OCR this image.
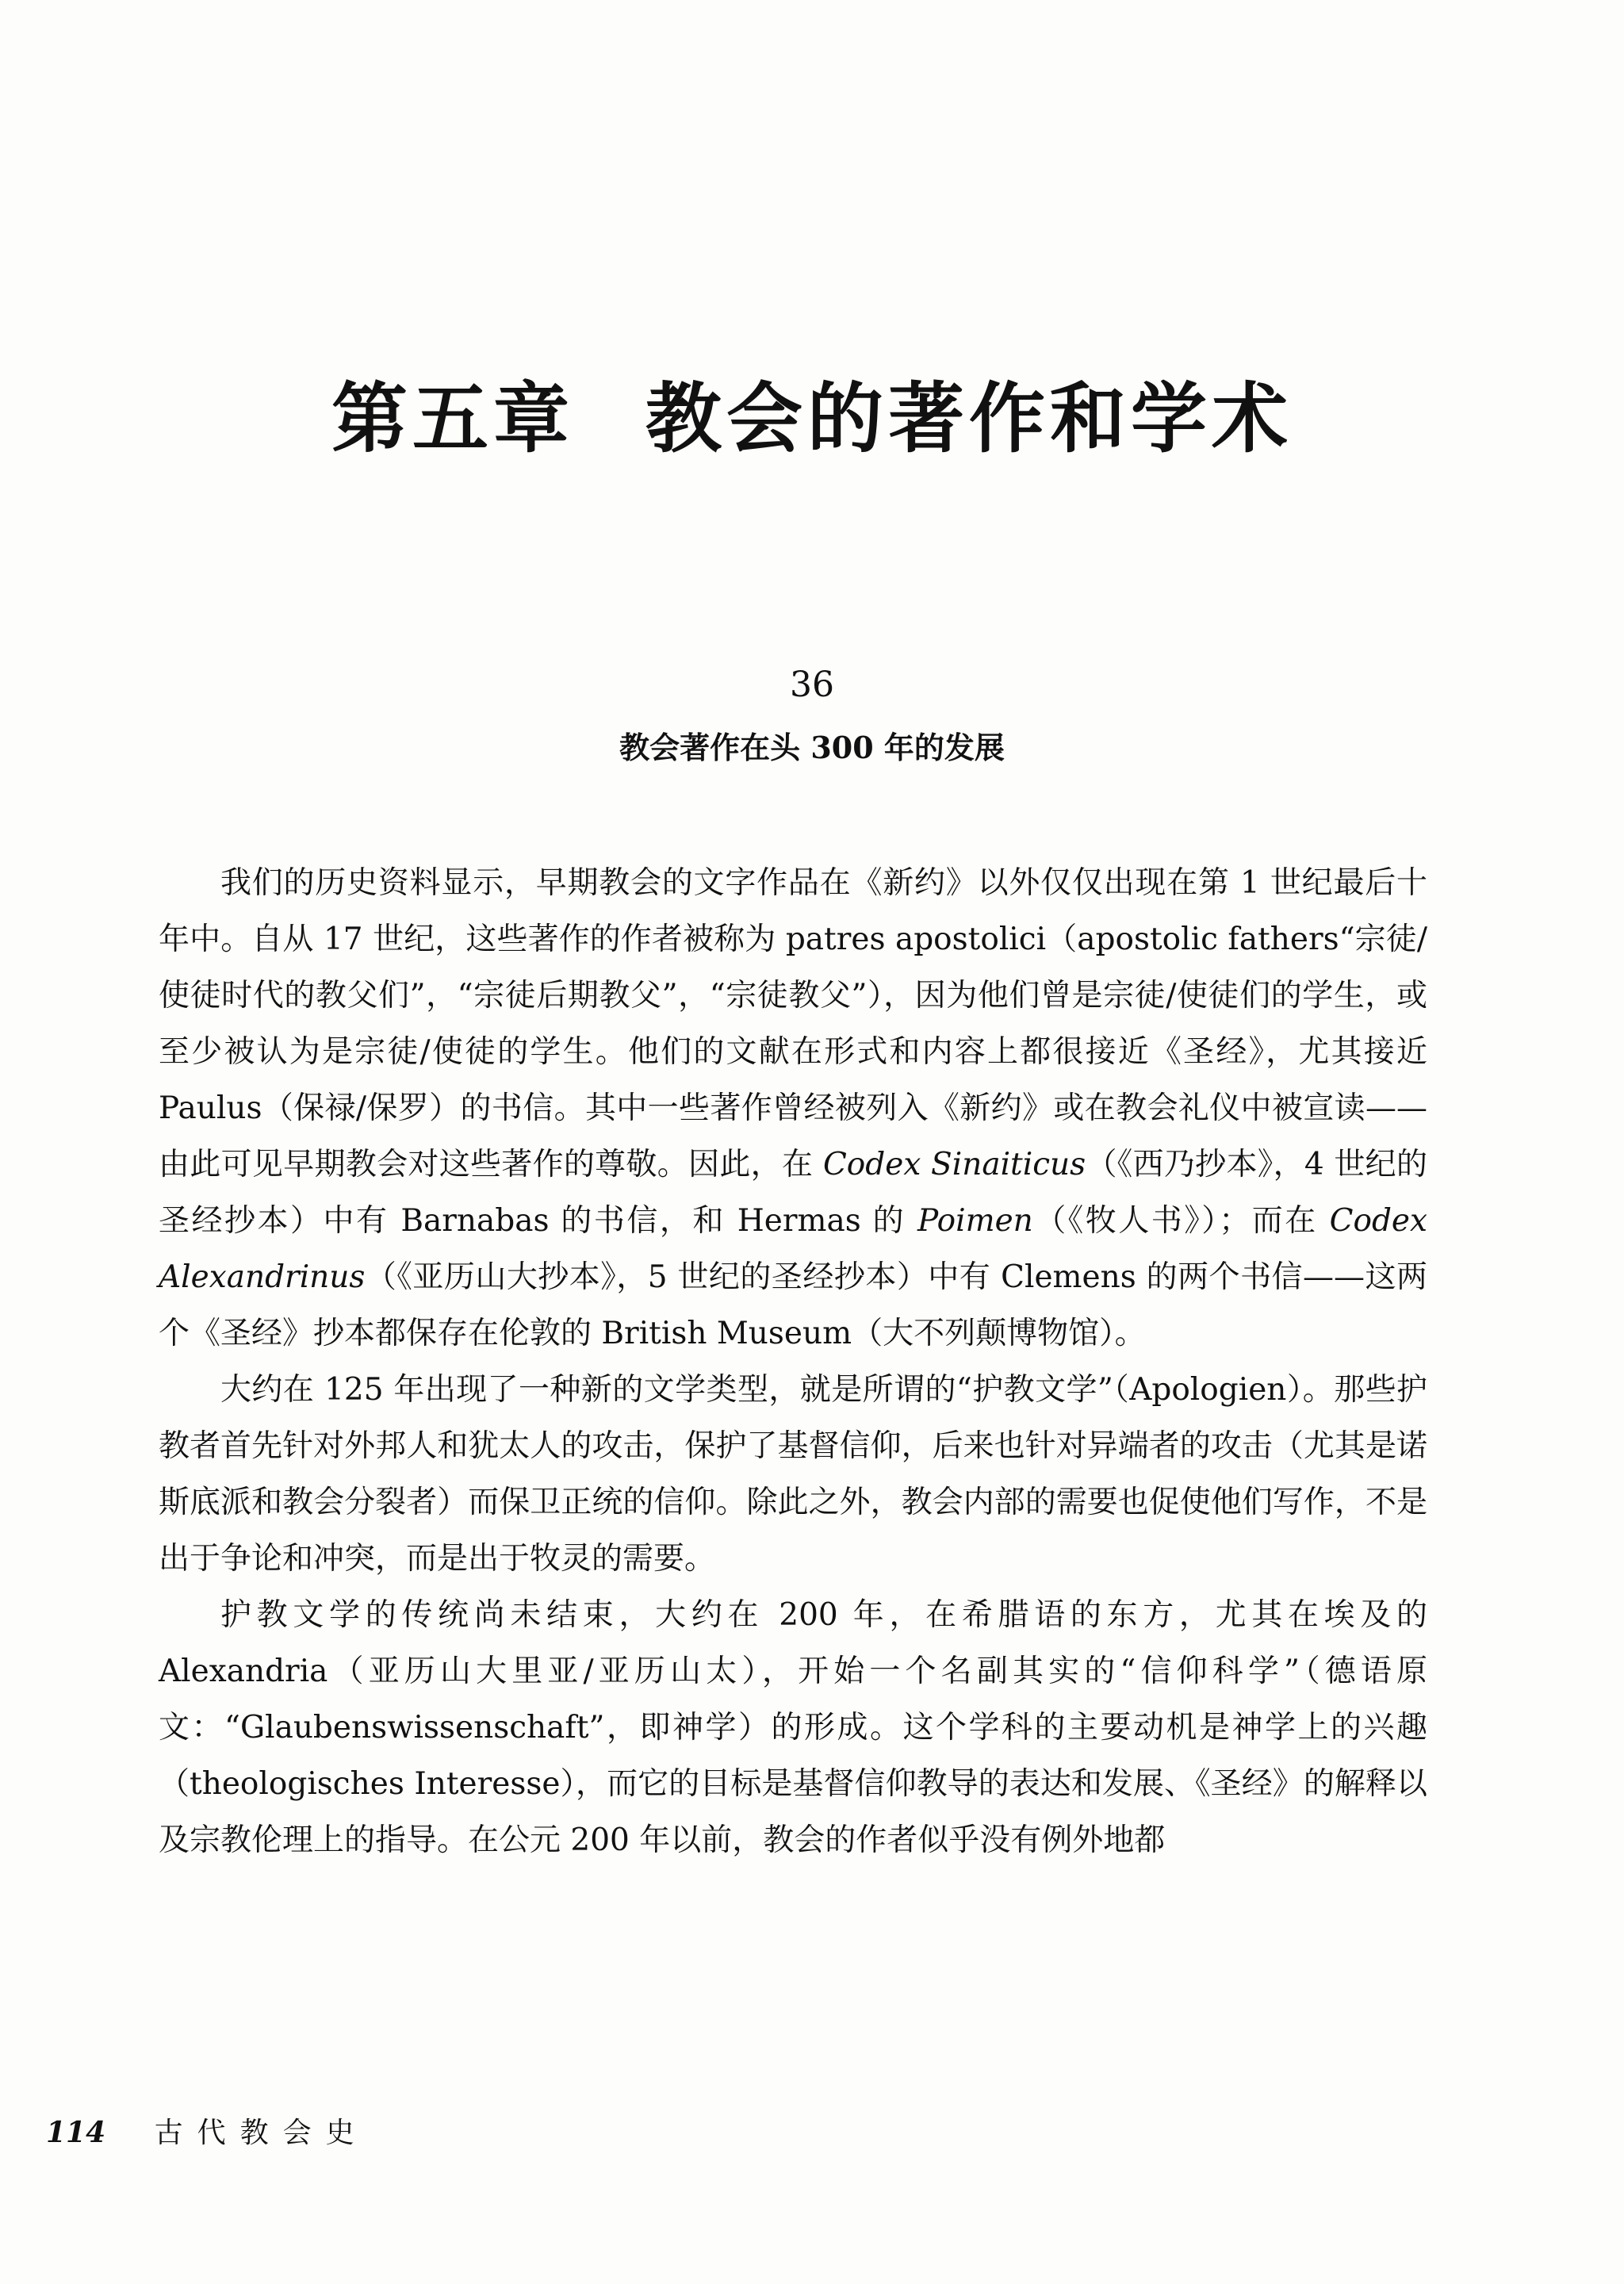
第五章 教会的著作和学术
36
教会著作在头 300 年的发展

我们的历史资料显示，早期教会的文字作品在《新约》以外仅仅出现在第 1 世纪最后十年中。自从 17 世纪，这些著作的作者被称为 patres apostolici（apostolic fathers“宗徒/使徒时代的教父们”，“宗徒后期教父”，“宗徒教父”），因为他们曾是宗徒/使徒们的学生，或至少被认为是宗徒/使徒的学生。他们的文献在形式和内容上都很接近《圣经》，尤其接近 Paulus（保禄/保罗）的书信。其中一些著作曾经被列入《新约》或在教会礼仪中被宣读——由此可见早期教会对这些著作的尊敬。因此，在 Codex Sinaiticus（《西乃抄本》，4 世纪的圣经抄本）中有 Barnabas 的书信，和 Hermas 的 Poimen（《牧人书》）；而在 Codex Alexandrinus（《亚历山大抄本》，5 世纪的圣经抄本）中有 Clemens 的两个书信——这两个《圣经》抄本都保存在伦敦的 British Museum（大不列颠博物馆）。

大约在 125 年出现了一种新的文学类型，就是所谓的“护教文学”（Apologien）。那些护教者首先针对外邦人和犹太人的攻击，保护了基督信仰，后来也针对异端者的攻击（尤其是诺斯底派和教会分裂者）而保卫正统的信仰。除此之外，教会内部的需要也促使他们写作，不是出于争论和冲突，而是出于牧灵的需要。

护教文学的传统尚未结束，大约在 200 年，在希腊语的东方，尤其在埃及的 Alexandria（亚历山大里亚/亚历山太），开始一个名副其实的“信仰科学”（德语原文：“Glaubenswissenschaft”，即神学）的形成。这个学科的主要动机是神学上的兴趣（theologisches Interesse），而它的目标是基督信仰教导的表达和发展、《圣经》的解释以及宗教伦理上的指导。在公元 200 年以前，教会的作者似乎没有例外地都

114 古代教会史
